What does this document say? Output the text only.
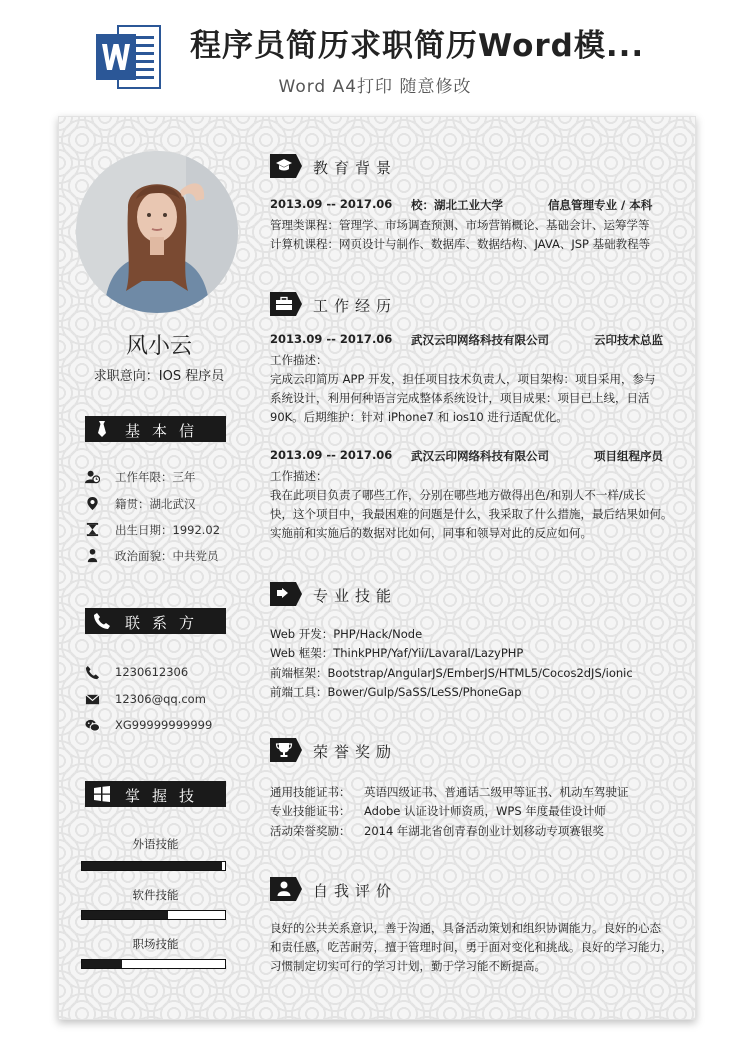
程序员简历求职简历Word模...
Word A4打印 随意修改
风小云
求职意向：IOS 程序员
基本信
工作年限：三年
籍贯：湖北武汉
出生日期：1992.02
政治面貌：中共党员
联系方
1230612306
12306@qq.com
XG99999999999
掌握技
外语技能
软件技能
职场技能
教育背景
2013.09 -- 2017.06 校：湖北工业大学	信息管理专业 / 本科
管理类课程：管理学、市场调查预测、市场营销概论、基础会计、运筹学等
计算机课程：网页设计与制作、数据库、数据结构、JAVA、JSP 基础教程等
工作经历
2013.09 -- 2017.06 武汉云印网络科技有限公司	云印技术总监
工作描述：
完成云印简历 APP 开发，担任项目技术负责人，项目架构：项目采用，参与
系统设计，利用何种语言完成整体系统设计，项目成果：项目已上线，日活
90K。后期维护：针对 iPhone7 和 ios10 进行适配优化。
2013.09 -- 2017.06 武汉云印网络科技有限公司	项目组程序员
工作描述：
我在此项目负责了哪些工作，分别在哪些地方做得出色/和别人不一样/成长
快，这个项目中，我最困难的问题是什么，我采取了什么措施，最后结果如何。
实施前和实施后的数据对比如何，同事和领导对此的反应如何。
专业技能
Web 开发：PHP/Hack/Node
Web 框架：ThinkPHP/Yaf/Yii/Lavaral/LazyPHP
前端框架：Bootstrap/AngularJS/EmberJS/HTML5/Cocos2dJS/ionic
前端工具：Bower/Gulp/SaSS/LeSS/PhoneGap
荣誉奖励
通用技能证书： 英语四级证书、普通话二级甲等证书、机动车驾驶证
专业技能证书： Adobe 认证设计师资质，WPS 年度最佳设计师
活动荣誉奖励： 2014 年湖北省创青春创业计划移动专项赛银奖
自我评价
良好的公共关系意识，善于沟通，具备活动策划和组织协调能力。良好的心态
和责任感，吃苦耐劳，擅于管理时间，勇于面对变化和挑战。良好的学习能力，
习惯制定切实可行的学习计划，勤于学习能不断提高。
